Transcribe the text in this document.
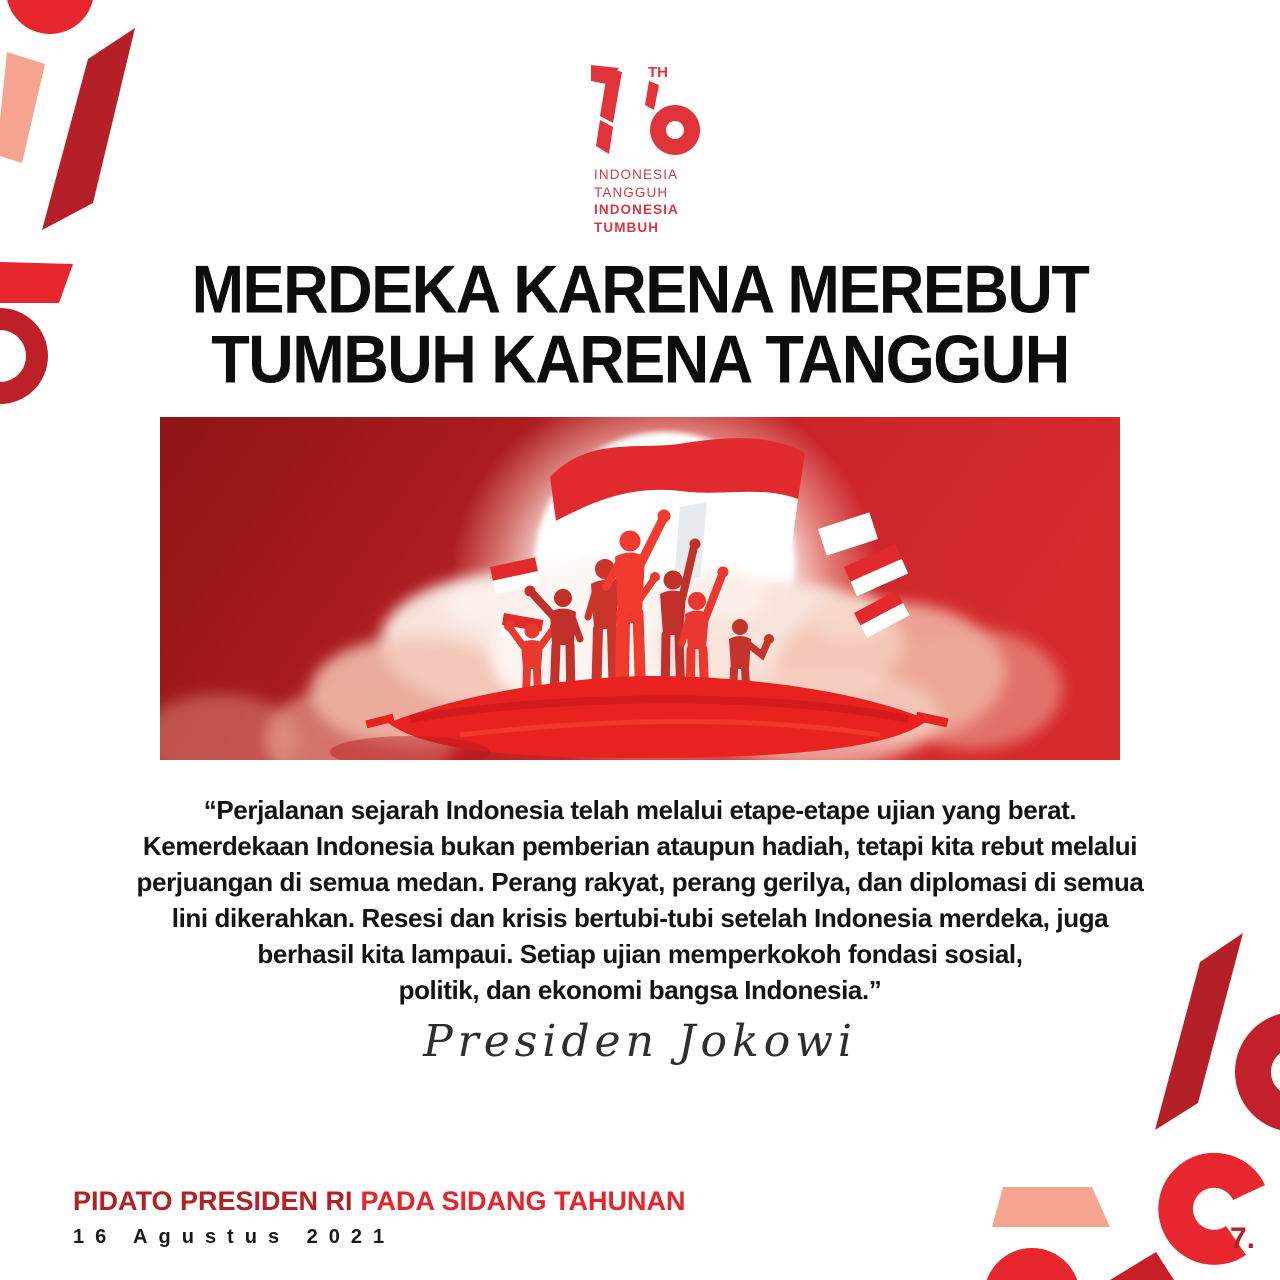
TH
INDONESIA
TANGGUH
INDONESIA
TUMBUH
MERDEKA KARENA MEREBUT
TUMBUH KARENA TANGGUH
“Perjalanan sejarah Indonesia telah melalui etape-etape ujian yang berat.
Kemerdekaan Indonesia bukan pemberian ataupun hadiah, tetapi kita rebut melalui
perjuangan di semua medan. Perang rakyat, perang gerilya, dan diplomasi di semua
lini dikerahkan. Resesi dan krisis bertubi-tubi setelah Indonesia merdeka, juga
berhasil kita lampaui. Setiap ujian memperkokoh fondasi sosial,
politik, dan ekonomi bangsa Indonesia.”
Presiden Jokowi
PIDATO PRESIDEN RI PADA SIDANG TAHUNAN
16 Agustus 2021	7.
